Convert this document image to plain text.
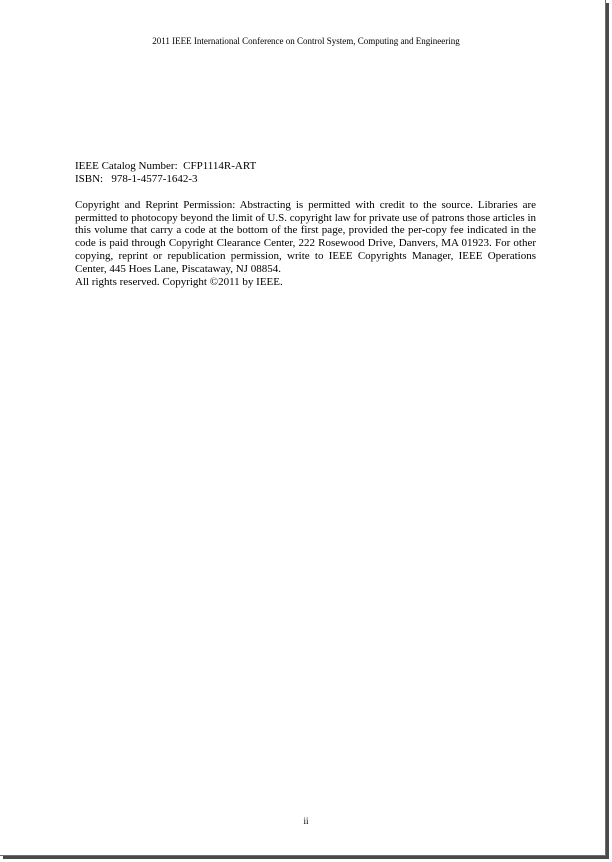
2011 IEEE International Conference on Control System, Computing and Engineering
IEEE Catalog Number:  CFP1114R-ART
ISBN:   978-1-4577-1642-3

Copyright and Reprint Permission: Abstracting is permitted with credit to the source. Libraries are permitted to photocopy beyond the limit of U.S. copyright law for private use of patrons those articles in this volume that carry a code at the bottom of the first page, provided the per-copy fee indicated in the code is paid through Copyright Clearance Center, 222 Rosewood Drive, Danvers, MA 01923. For other copying, reprint or republication permission, write to IEEE Copyrights Manager, IEEE Operations Center, 445 Hoes Lane, Piscataway, NJ 08854.

All rights reserved. Copyright ©2011 by IEEE.
ii
